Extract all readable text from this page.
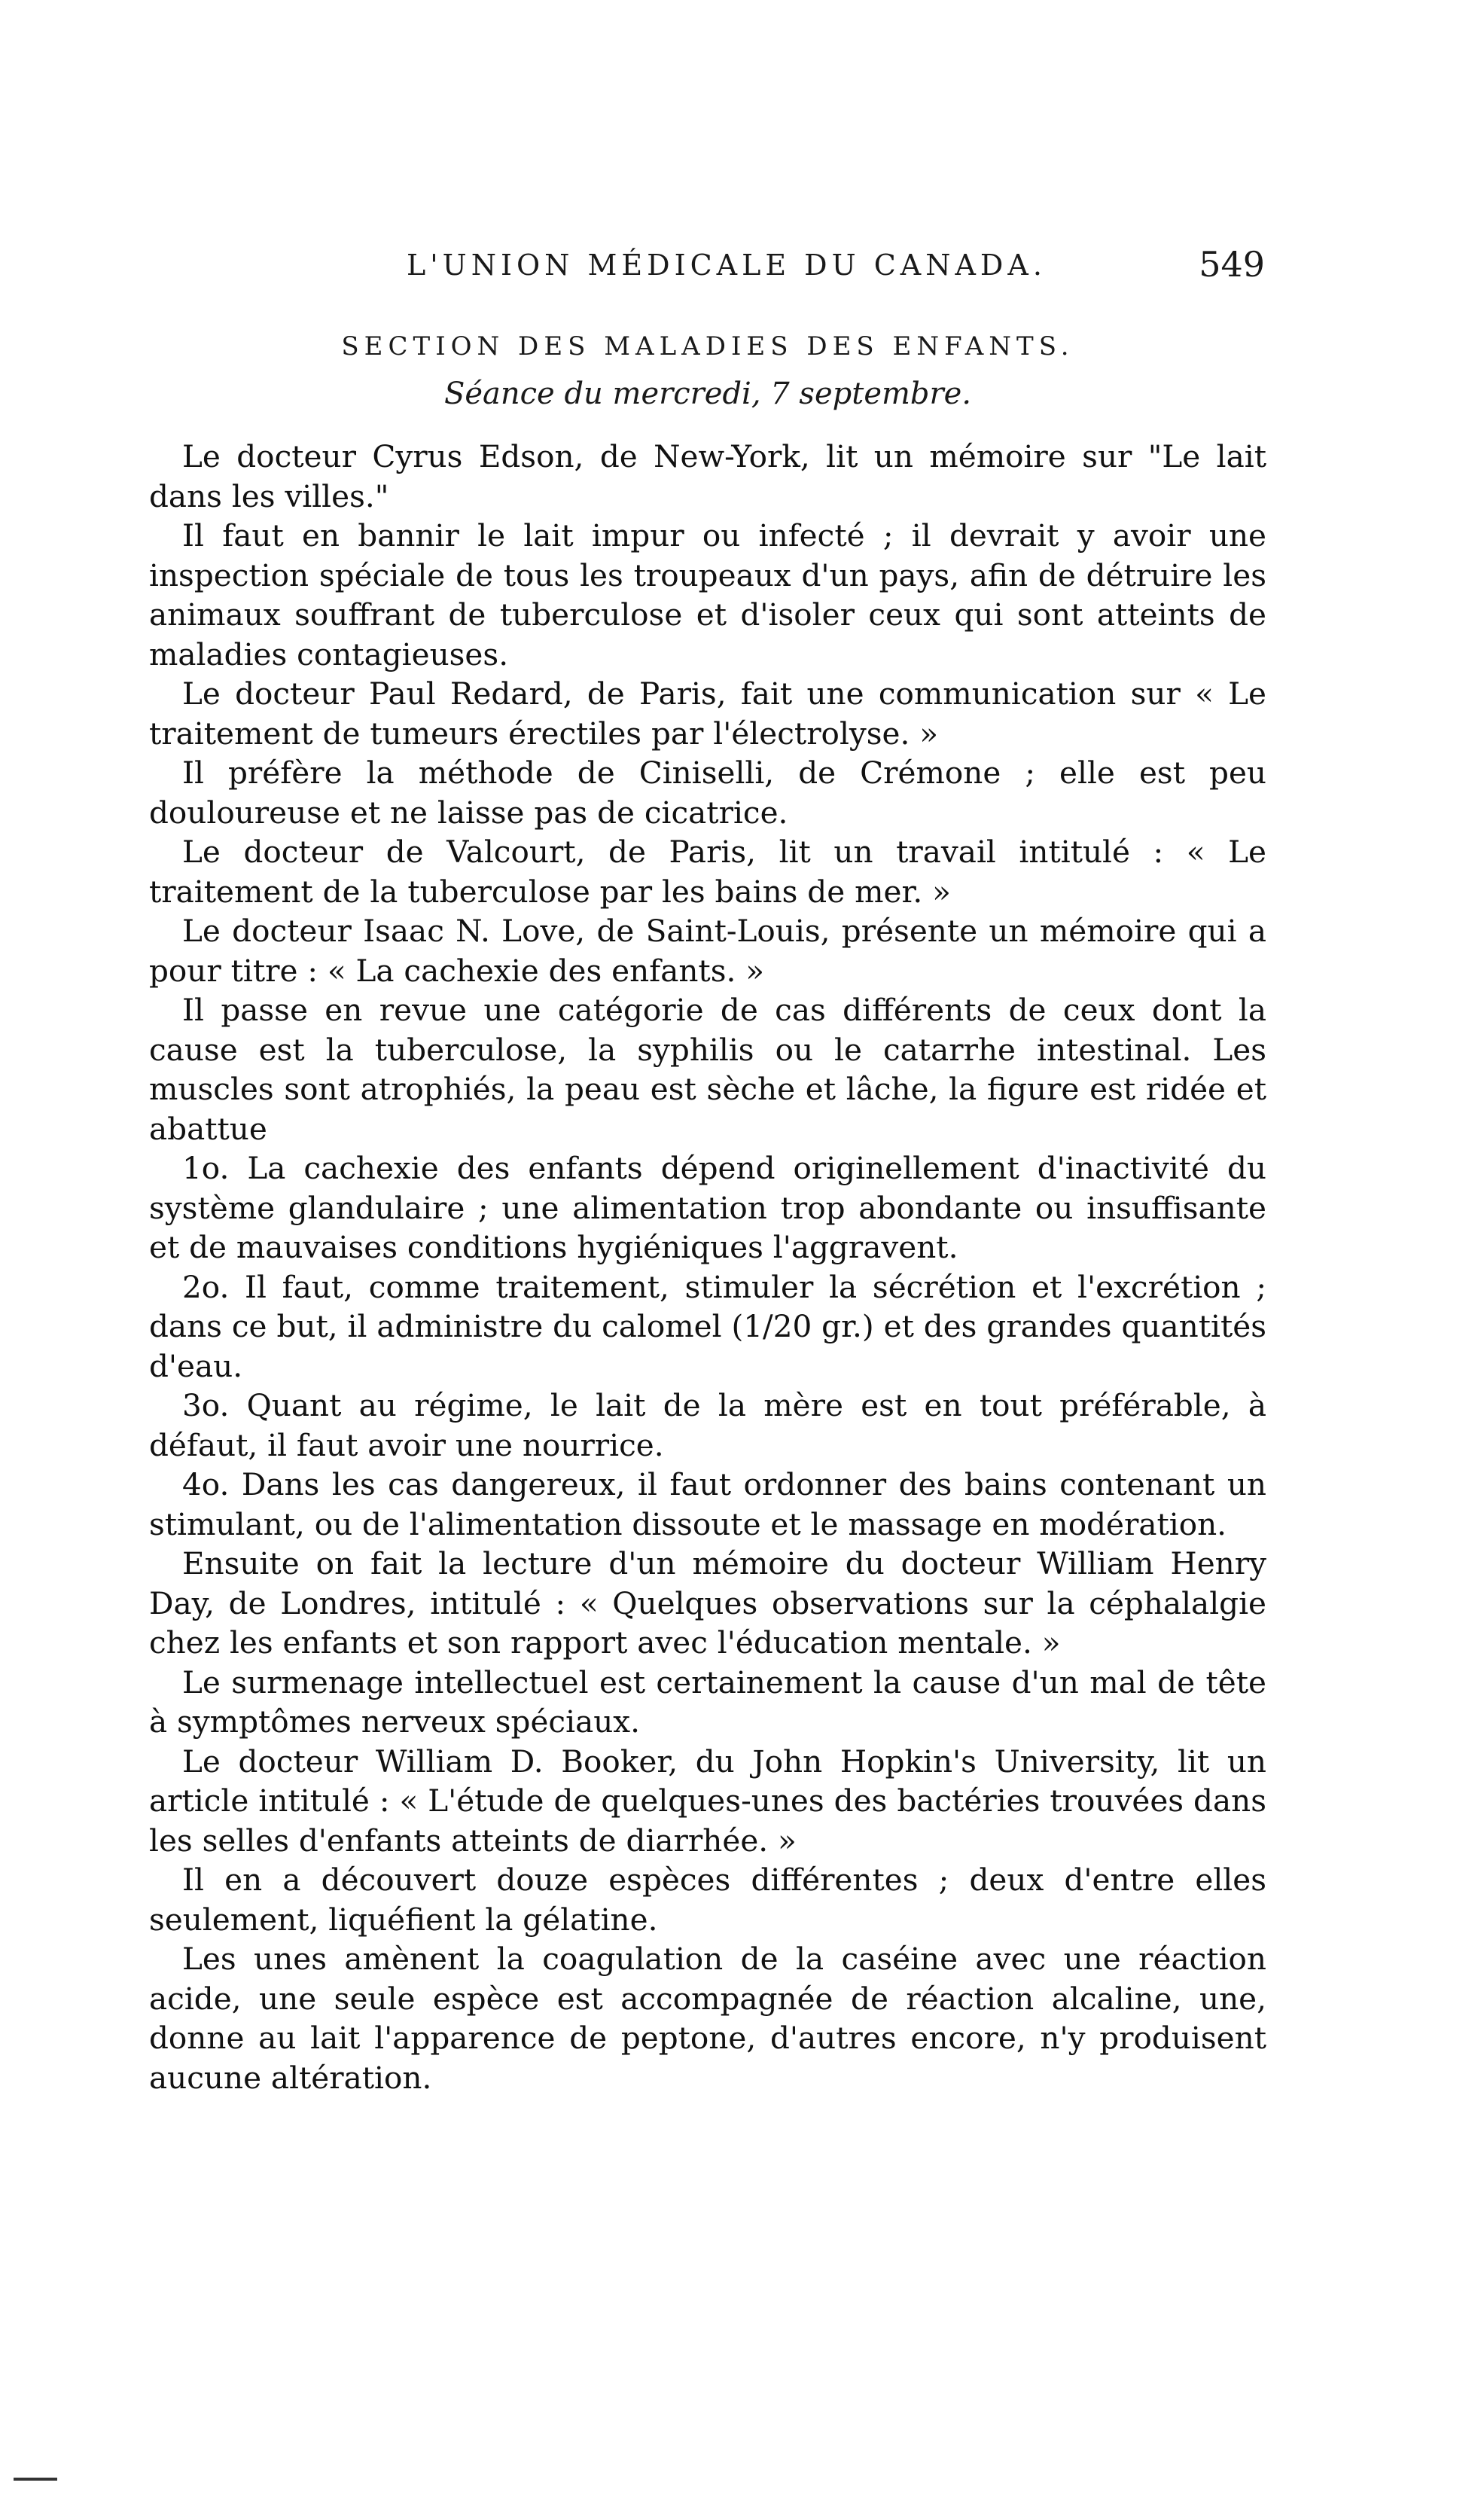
L'UNION MÉDICALE DU CANADA.	549
SECTION DES MALADIES DES ENFANTS.
Séance du mercredi, 7 septembre.

Le docteur Cyrus Edson, de New-York, lit un mémoire sur "Le lait dans les villes."

Il faut en bannir le lait impur ou infecté ; il devrait y avoir une inspection spéciale de tous les troupeaux d'un pays, afin de détruire les animaux souffrant de tuberculose et d'isoler ceux qui sont atteints de maladies contagieuses.

Le docteur Paul Redard, de Paris, fait une communication sur « Le traitement de tumeurs érectiles par l'électrolyse. »

Il préfère la méthode de Ciniselli, de Crémone ; elle est peu douloureuse et ne laisse pas de cicatrice.

Le docteur de Valcourt, de Paris, lit un travail intitulé : « Le traitement de la tuberculose par les bains de mer. »

Le docteur Isaac N. Love, de Saint-Louis, présente un mémoire qui a pour titre : « La cachexie des enfants. »

Il passe en revue une catégorie de cas différents de ceux dont la cause est la tuberculose, la syphilis ou le catarrhe intestinal. Les muscles sont atrophiés, la peau est sèche et lâche, la figure est ridée et abattue

1o. La cachexie des enfants dépend originellement d'inactivité du système glandulaire ; une alimentation trop abondante ou insuffisante et de mauvaises conditions hygiéniques l'aggravent.

2o. Il faut, comme traitement, stimuler la sécrétion et l'excrétion ; dans ce but, il administre du calomel (1/20 gr.) et des grandes quantités d'eau.

3o. Quant au régime, le lait de la mère est en tout préférable, à défaut, il faut avoir une nourrice.

4o. Dans les cas dangereux, il faut ordonner des bains contenant un stimulant, ou de l'alimentation dissoute et le massage en modération.

Ensuite on fait la lecture d'un mémoire du docteur William Henry Day, de Londres, intitulé : « Quelques observations sur la céphalalgie chez les enfants et son rapport avec l'éducation mentale. »

Le surmenage intellectuel est certainement la cause d'un mal de tête à symptômes nerveux spéciaux.

Le docteur William D. Booker, du John Hopkin's University, lit un article intitulé : « L'étude de quelques-unes des bactéries trouvées dans les selles d'enfants atteints de diarrhée. »

Il en a découvert douze espèces différentes ; deux d'entre elles seulement, liquéfient la gélatine.

Les unes amènent la coagulation de la caséine avec une réaction acide, une seule espèce est accompagnée de réaction alcaline, une, donne au lait l'apparence de peptone, d'autres encore, n'y produisent aucune altération.
